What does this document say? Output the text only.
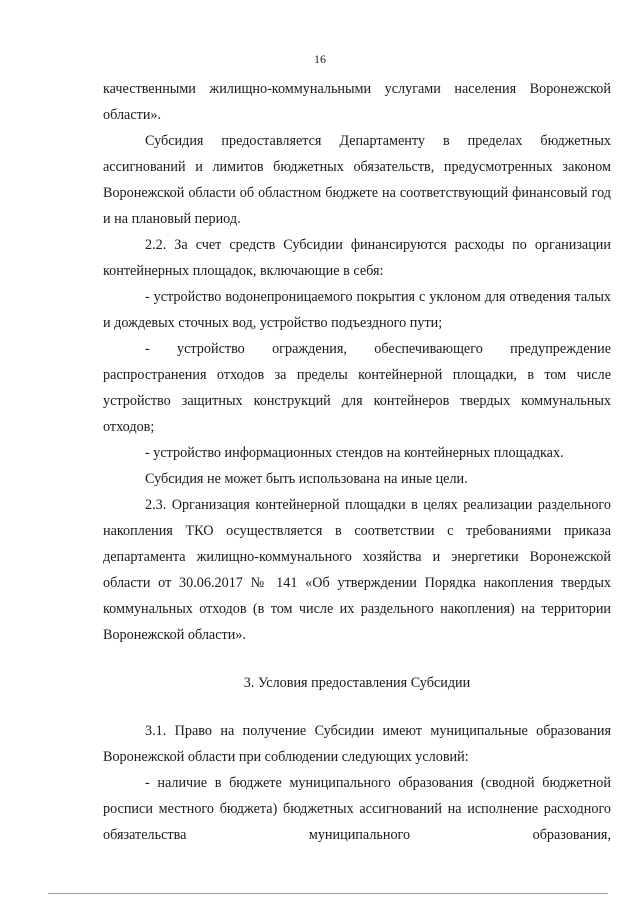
16

качественными жилищно-коммунальными услугами населения Воронежской области».

Субсидия предоставляется Департаменту в пределах бюджетных ассигнований и лимитов бюджетных обязательств, предусмотренных законом Воронежской области об областном бюджете на соответствующий финансовый год и на плановый период.

2.2. За счет средств Субсидии финансируются расходы по организации контейнерных площадок, включающие в себя:

- устройство водонепроницаемого покрытия с уклоном для отведения талых и дождевых сточных вод, устройство подъездного пути;

- устройство ограждения, обеспечивающего предупреждение распространения отходов за пределы контейнерной площадки, в том числе устройство защитных конструкций для контейнеров твердых коммунальных отходов;

- устройство информационных стендов на контейнерных площадках.

Субсидия не может быть использована на иные цели.

2.3. Организация контейнерной площадки в целях реализации раздельного накопления ТКО осуществляется в соответствии с требованиями приказа департамента жилищно-коммунального хозяйства и энергетики Воронежской области от 30.06.2017 № 141 «Об утверждении Порядка накопления твердых коммунальных отходов (в том числе их раздельного накопления) на территории Воронежской области».

3. Условия предоставления Субсидии

3.1. Право на получение Субсидии имеют муниципальные образования Воронежской области при соблюдении следующих условий:

- наличие в бюджете муниципального образования (сводной бюджетной росписи местного бюджета) бюджетных ассигнований на исполнение расходного обязательства муниципального образования,
